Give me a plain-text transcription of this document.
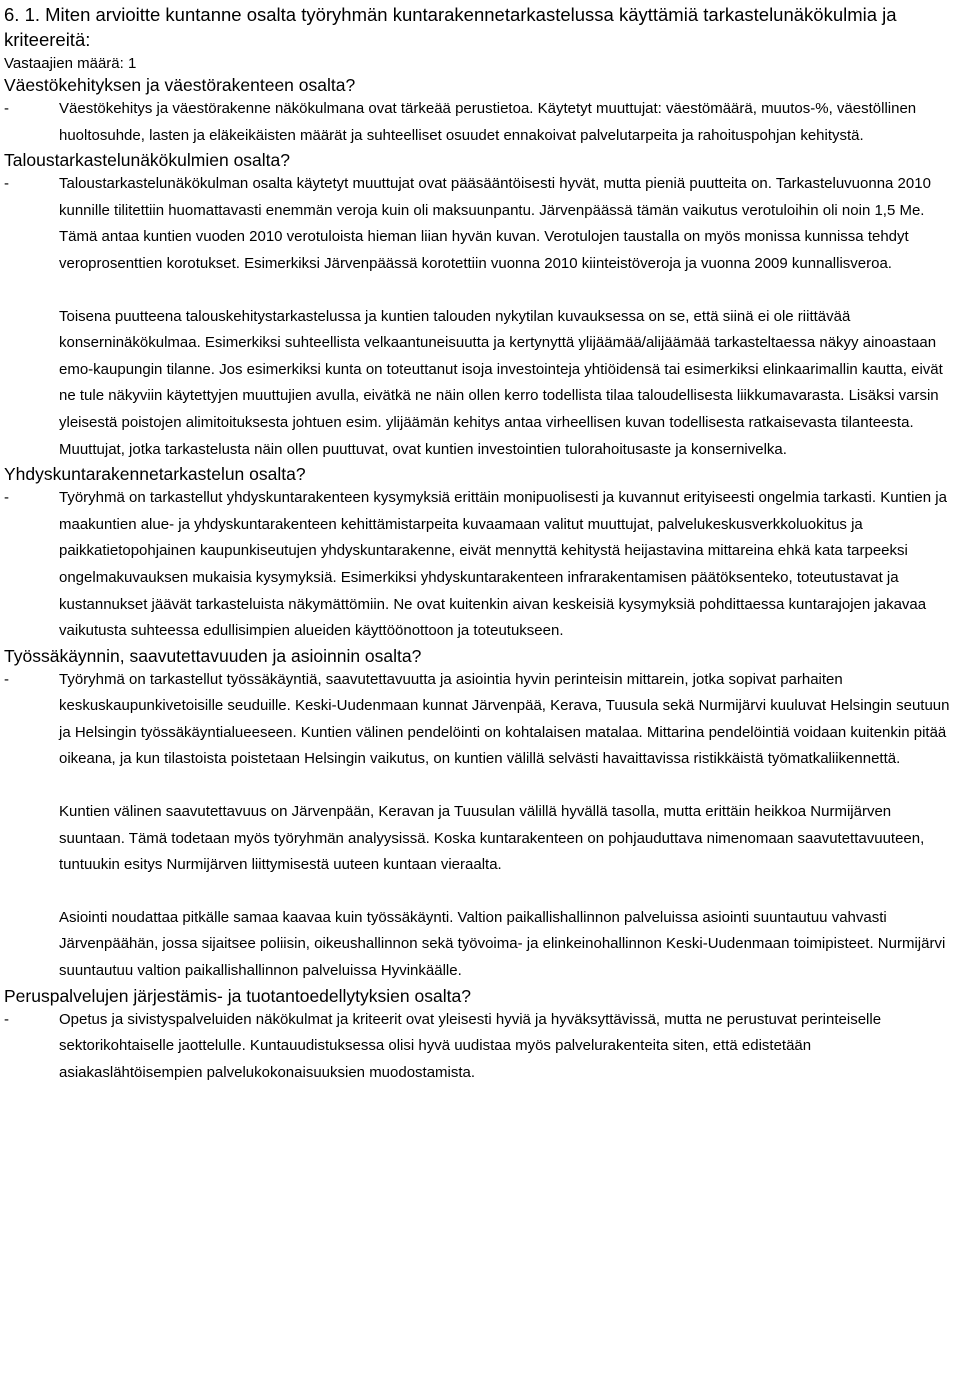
6. 1. Miten arvioitte kuntanne osalta työryhmän kuntarakennetarkastelussa käyttämiä tarkastelunäkökulmia ja kriteereitä:
Vastaajien määrä: 1
Väestökehityksen ja väestörakenteen osalta?
-	Väestökehitys ja väestörakenne näkökulmana ovat tärkeää perustietoa. Käytetyt muuttujat: väestömäärä, muutos-%, väestöllinen huoltosuhde, lasten ja eläkeikäisten määrät ja suhteelliset osuudet ennakoivat palvelutarpeita ja rahoituspohjan kehitystä.
Taloustarkastelunäkökulmien osalta?
-	Taloustarkastelunäkökulman osalta käytetyt muuttujat ovat pääsääntöisesti hyvät, mutta pieniä puutteita on. Tarkasteluvuonna 2010 kunnille tilitettiin huomattavasti enemmän veroja kuin oli maksuunpantu. Järvenpäässä tämän vaikutus verotuloihin oli noin 1,5 Me. Tämä antaa kuntien vuoden 2010 verotuloista hieman liian hyvän kuvan. Verotulojen taustalla on myös monissa kunnissa tehdyt veroprosenttien korotukset. Esimerkiksi Järvenpäässä korotettiin vuonna 2010 kiinteistöveroja ja vuonna 2009 kunnallisveroa.
Toisena puutteena talouskehitystarkastelussa ja kuntien talouden nykytilan kuvauksessa on se, että siinä ei ole riittävää konserninäkökulmaa. Esimerkiksi suhteellista velkaantuneisuutta ja kertynyttä ylijäämää/alijäämää tarkasteltaessa näkyy ainoastaan emo-kaupungin tilanne. Jos esimerkiksi kunta on toteuttanut isoja investointeja yhtiöidensä tai esimerkiksi elinkaarimallin kautta, eivät ne tule näkyviin käytettyjen muuttujien avulla, eivätkä ne näin ollen kerro todellista tilaa taloudellisesta liikkumavarasta. Lisäksi varsin yleisestä poistojen alimitoituksesta johtuen esim. ylijäämän kehitys antaa virheellisen kuvan todellisesta ratkaisevasta tilanteesta. Muuttujat, jotka tarkastelusta näin ollen puuttuvat, ovat kuntien investointien tulorahoitusaste ja konsernivelka.
Yhdyskuntarakennetarkastelun osalta?
-	Työryhmä on tarkastellut yhdyskuntarakenteen kysymyksiä erittäin monipuolisesti ja kuvannut erityiseesti ongelmia tarkasti. Kuntien ja maakuntien alue- ja yhdyskuntarakenteen kehittämistarpeita kuvaamaan valitut muuttujat, palvelukeskusverkkoluokitus ja paikkatietopohjainen kaupunkiseutujen yhdyskuntarakenne, eivät mennyttä kehitystä heijastavina mittareina ehkä kata tarpeeksi ongelmakuvauksen mukaisia kysymyksiä. Esimerkiksi yhdyskuntarakenteen infrarakentamisen päätöksenteko, toteutustavat ja kustannukset jäävät tarkasteluista näkymättömiin. Ne ovat kuitenkin aivan keskeisiä kysymyksiä pohdittaessa kuntarajojen jakavaa vaikutusta suhteessa edullisimpien alueiden käyttöönottoon ja toteutukseen.
Työssäkäynnin, saavutettavuuden ja asioinnin osalta?
-	Työryhmä on tarkastellut työssäkäyntiä, saavutettavuutta ja asiointia hyvin perinteisin mittarein, jotka sopivat parhaiten keskuskaupunkivetoisille seuduille. Keski-Uudenmaan kunnat Järvenpää, Kerava, Tuusula sekä Nurmijärvi kuuluvat Helsingin seutuun ja Helsingin työssäkäyntialueeseen. Kuntien välinen pendelöinti on kohtalaisen matalaa. Mittarina pendelöintiä voidaan kuitenkin pitää oikeana, ja kun tilastoista poistetaan Helsingin vaikutus, on kuntien välillä selvästi havaittavissa ristikkäistä työmatkaliikennettä.
Kuntien välinen saavutettavuus on Järvenpään, Keravan ja Tuusulan välillä hyvällä tasolla, mutta erittäin heikkoa Nurmijärven suuntaan. Tämä todetaan myös työryhmän analyysissä. Koska kuntarakenteen on pohjauduttava nimenomaan saavutettavuuteen, tuntuukin esitys Nurmijärven liittymisestä uuteen kuntaan vieraalta.
Asiointi noudattaa pitkälle samaa kaavaa kuin työssäkäynti. Valtion paikallishallinnon palveluissa asiointi suuntautuu vahvasti Järvenpäähän, jossa sijaitsee poliisin, oikeushallinnon sekä työvoima- ja elinkeinohallinnon Keski-Uudenmaan toimipisteet. Nurmijärvi suuntautuu valtion paikallishallinnon palveluissa Hyvinkäälle.
Peruspalvelujen järjestämis- ja tuotantoedellytyksien osalta?
-	Opetus ja sivistyspalveluiden näkökulmat ja kriteerit ovat yleisesti hyviä ja hyväksyttävissä, mutta ne perustuvat perinteiselle sektorikohtaiselle jaottelulle. Kuntauudistuksessa olisi hyvä uudistaa myös palvelurakenteita siten, että edistetään asiakaslähtöisempien palvelukokonaisuuksien muodostamista.
